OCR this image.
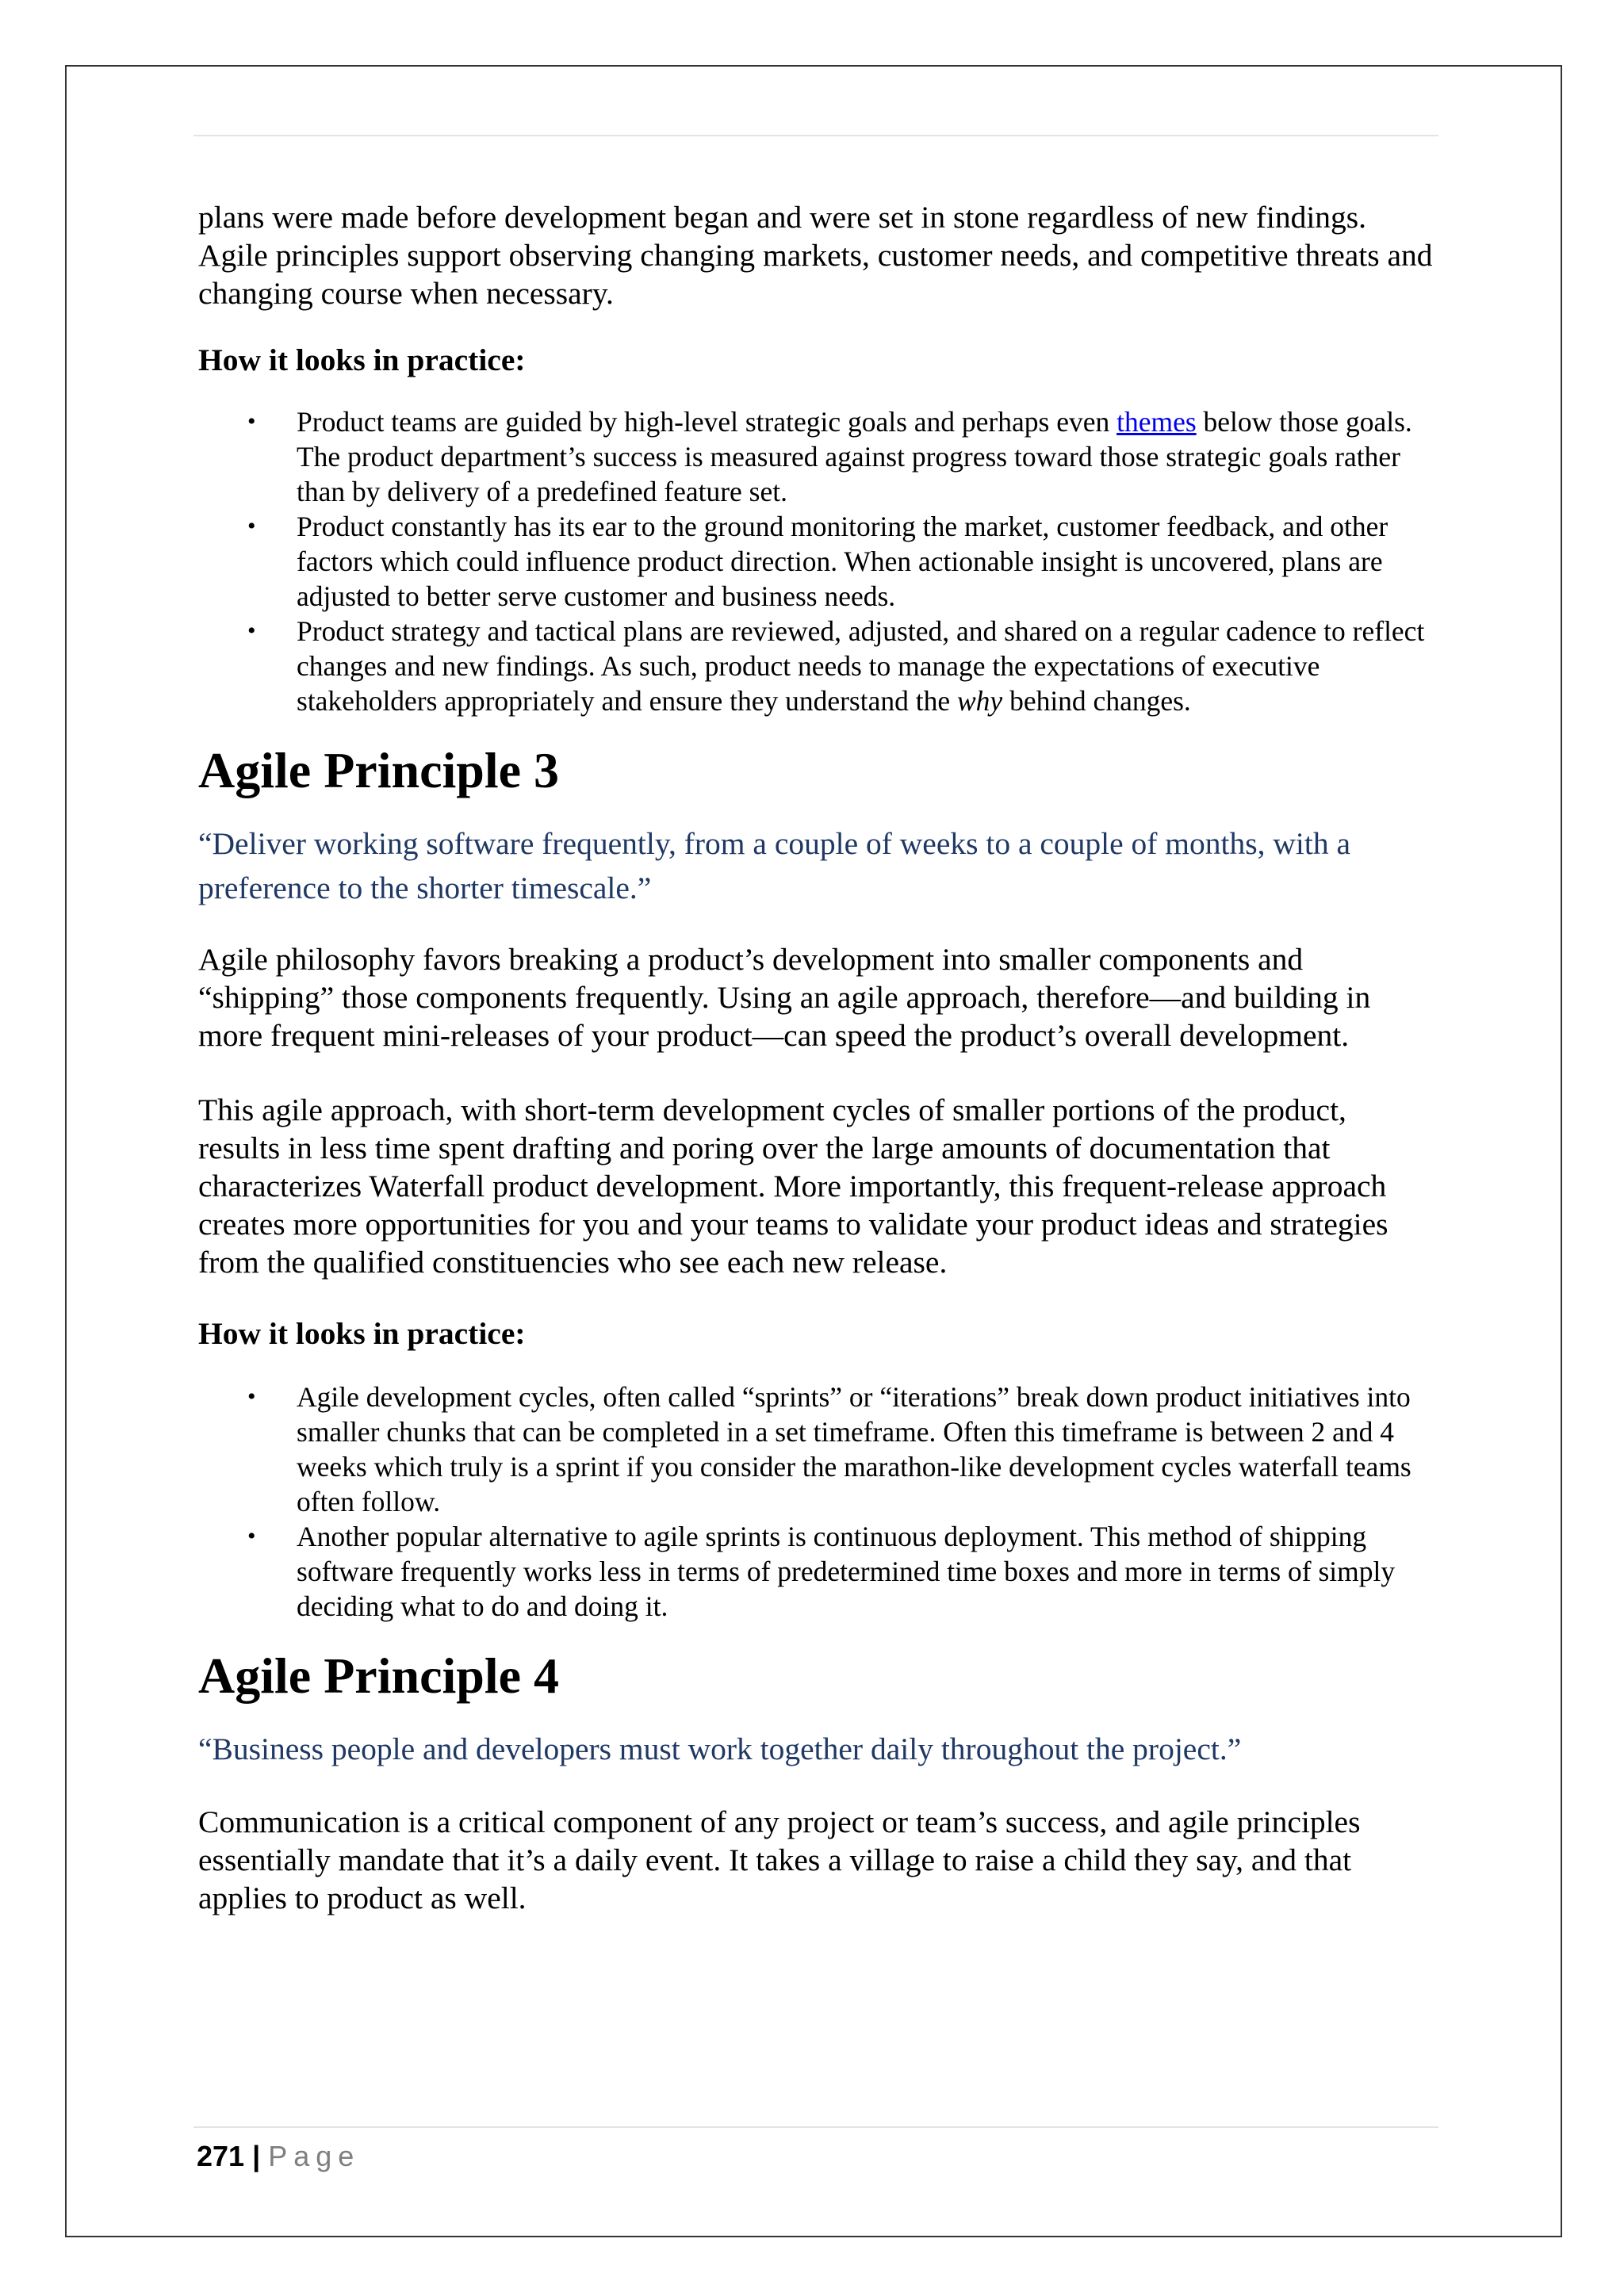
plans were made before development began and were set in stone regardless of new findings. Agile principles support observing changing markets, customer needs, and competitive threats and changing course when necessary.

How it looks in practice:

• Product teams are guided by high-level strategic goals and perhaps even themes below those goals. The product department’s success is measured against progress toward those strategic goals rather than by delivery of a predefined feature set.
• Product constantly has its ear to the ground monitoring the market, customer feedback, and other factors which could influence product direction. When actionable insight is uncovered, plans are adjusted to better serve customer and business needs.
• Product strategy and tactical plans are reviewed, adjusted, and shared on a regular cadence to reflect changes and new findings. As such, product needs to manage the expectations of executive stakeholders appropriately and ensure they understand the why behind changes.
Agile Principle 3

“Deliver working software frequently, from a couple of weeks to a couple of months, with a preference to the shorter timescale.”

Agile philosophy favors breaking a product’s development into smaller components and “shipping” those components frequently. Using an agile approach, therefore—and building in more frequent mini-releases of your product—can speed the product’s overall development.

This agile approach, with short-term development cycles of smaller portions of the product, results in less time spent drafting and poring over the large amounts of documentation that characterizes Waterfall product development. More importantly, this frequent-release approach creates more opportunities for you and your teams to validate your product ideas and strategies from the qualified constituencies who see each new release.

How it looks in practice:

• Agile development cycles, often called “sprints” or “iterations” break down product initiatives into smaller chunks that can be completed in a set timeframe. Often this timeframe is between 2 and 4 weeks which truly is a sprint if you consider the marathon-like development cycles waterfall teams often follow.
• Another popular alternative to agile sprints is continuous deployment. This method of shipping software frequently works less in terms of predetermined time boxes and more in terms of simply deciding what to do and doing it.
Agile Principle 4

“Business people and developers must work together daily throughout the project.”

Communication is a critical component of any project or team’s success, and agile principles essentially mandate that it’s a daily event. It takes a village to raise a child they say, and that applies to product as well.

271 | Page
